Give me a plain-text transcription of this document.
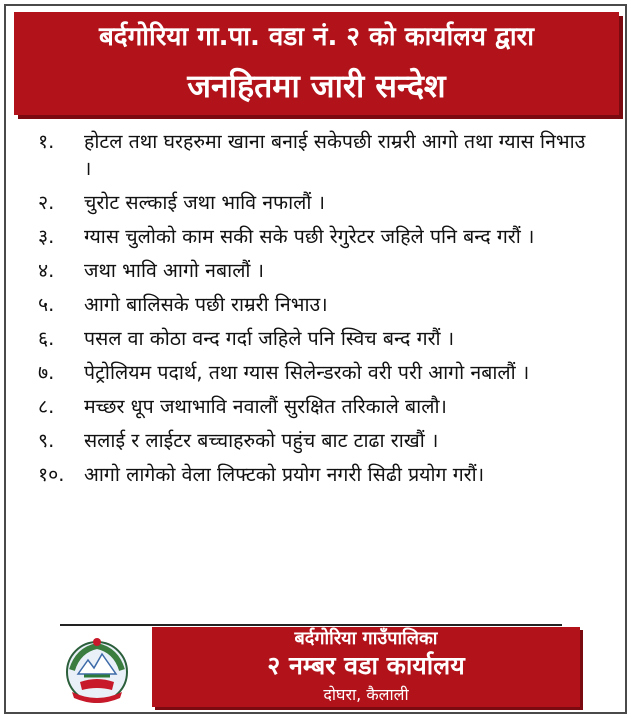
बर्दगोरिया गा.पा. वडा नं. २ को कार्यालय द्वारा
जनहितमा जारी सन्देश
१.	होटल तथा घरहरुमा खाना बनाई सकेपछी राम्ररी आगो तथा ग्यास निभाउ ।
२.	चुरोट सल्काई जथा भावि नफालौं ।
३.	ग्यास चुलोको काम सकी सके पछी रेगुरेटर जहिले पनि बन्द गरौं ।
४.	जथा भावि आगो नबालौं ।
५.	आगो बालिसके पछी राम्ररी निभाउ।
६.	पसल वा कोठा वन्द गर्दा जहिले पनि स्विच बन्द गरौं ।
७.	पेट्रोलियम पदार्थ, तथा ग्यास सिलेन्डरको वरी परी आगो नबालौं ।
८.	मच्छर धूप जथाभावि नवालौं सुरक्षित तरिकाले बालौ।
९.	सलाई र लाईटर बच्चाहरुको पहुंच बाट टाढा राखौं ।
१०.	आगो लागेको वेला लिफ्टको प्रयोग नगरी सिढी प्रयोग गरौं।
बर्दगोरिया गाउँपालिका
२ नम्बर वडा कार्यालय
दोघरा, कैलाली
